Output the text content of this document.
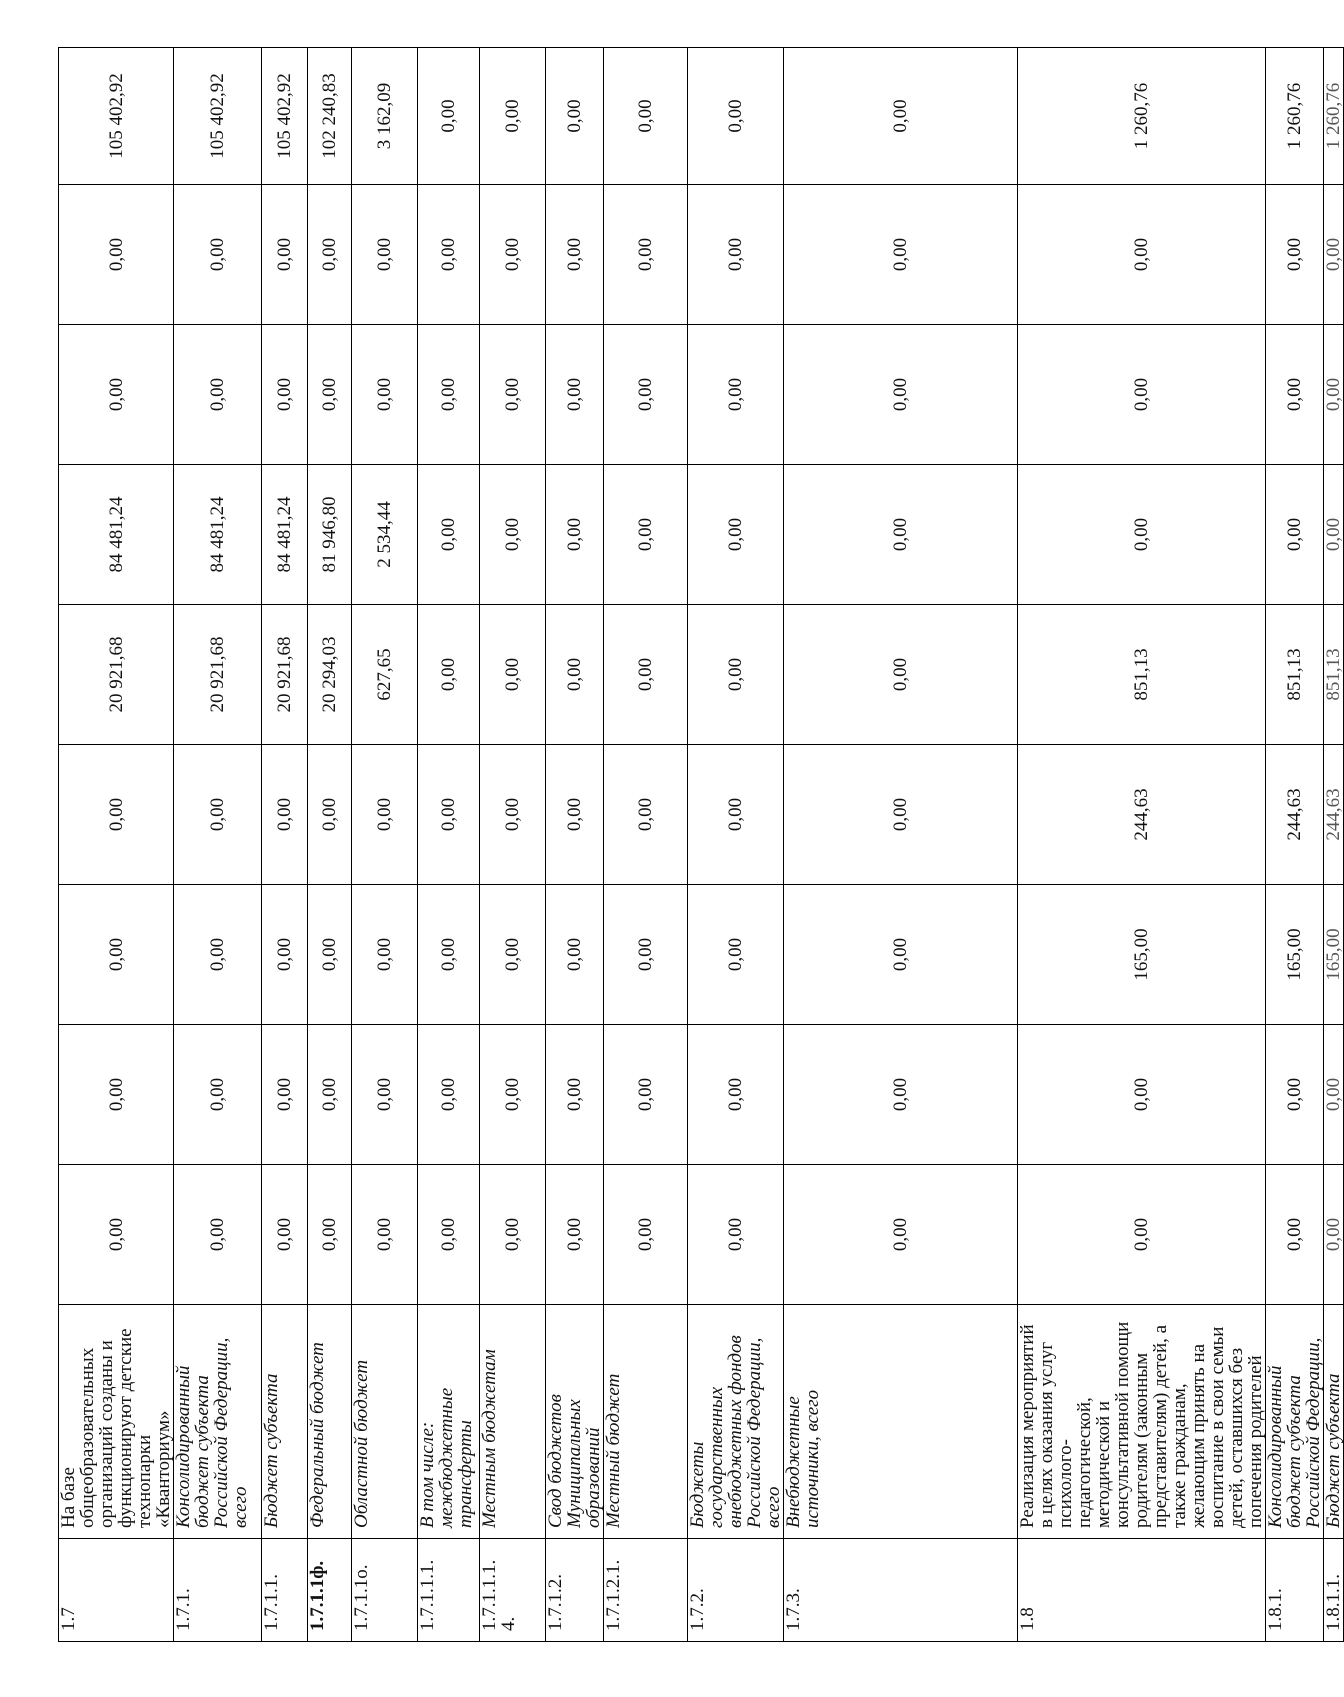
1.7	На базе общеобразовательных организаций созданы и функционируют детские технопарки «Кванториум»	0,00	0,00	0,00	0,00	20 921,68	84 481,24	0,00	0,00	105 402,92
1.7.1.	Консолидированный бюджет субъекта Российской Федерации, всего	0,00	0,00	0,00	0,00	20 921,68	84 481,24	0,00	0,00	105 402,92
1.7.1.1.	Бюджет субъекта	0,00	0,00	0,00	0,00	20 921,68	84 481,24	0,00	0,00	105 402,92
1.7.1.1ф.	Федеральный бюджет	0,00	0,00	0,00	0,00	20 294,03	81 946,80	0,00	0,00	102 240,83
1.7.1.1о.	Областной бюджет	0,00	0,00	0,00	0,00	627,65	2 534,44	0,00	0,00	3 162,09
1.7.1.1.1.	В том числе: межбюджетные трансферты	0,00	0,00	0,00	0,00	0,00	0,00	0,00	0,00	0,00
1.7.1.1.1.4.	Местным бюджетам	0,00	0,00	0,00	0,00	0,00	0,00	0,00	0,00	0,00
1.7.1.2.	Свод бюджетов Муниципальных образований	0,00	0,00	0,00	0,00	0,00	0,00	0,00	0,00	0,00
1.7.1.2.1.	Местный бюджет	0,00	0,00	0,00	0,00	0,00	0,00	0,00	0,00	0,00
1.7.2.	Бюджеты государственных внебюджетных фондов Российской Федерации, всего	0,00	0,00	0,00	0,00	0,00	0,00	0,00	0,00	0,00
1.7.3.	Внебюджетные источники, всего	0,00	0,00	0,00	0,00	0,00	0,00	0,00	0,00	0,00
1.8	Реализация мероприятий в целях оказания услуг психолого-педагогической, методической и консультативной помощи родителям (законным представителям) детей, а также гражданам, желающим принять на воспитание в свои семьи детей, оставшихся без попечения родителей	0,00	0,00	165,00	244,63	851,13	0,00	0,00	0,00	1 260,76
1.8.1.	Консолидированный бюджет субъекта Российской Федерации,	0,00	0,00	165,00	244,63	851,13	0,00	0,00	0,00	1 260,76
1.8.1.1.	Бюджет субъекта	0,00	0,00	165,00	244,63	851,13	0,00	0,00	0,00	1 260,76
